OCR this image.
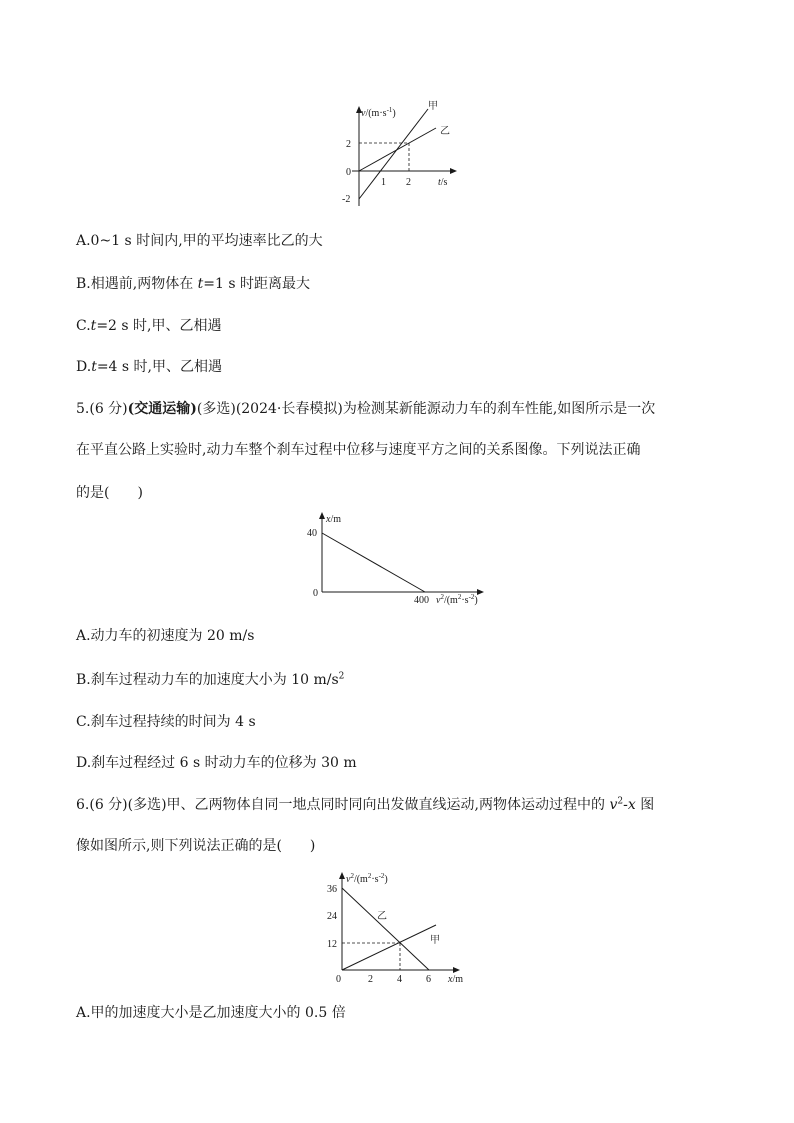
$v/(m\cdot s^{-1})$
甲
乙
2
0
-2
1 2	t/s
A.0~1 s 时间内,甲的平均速率比乙的大
B.相遇前,两物体在 t=1 s 时距离最大
C.t=2 s 时,甲、乙相遇
D.t=4 s 时,甲、乙相遇
5.(6 分)(交通运输)(多选)(2024·长春模拟)为检测某新能源动力车的刹车性能,如图所示是一次
在平直公路上实验时,动力车整个刹车过程中位移与速度平方之间的关系图像。下列说法正确
的是(　　)
x/m
40
0
400 $v^2/(m^2\cdot s^{-2})$
A.动力车的初速度为 20 m/s
B.刹车过程动力车的加速度大小为 10 $m/s^2$
C.刹车过程持续的时间为 4 s
D.刹车过程经过 6 s 时动力车的位移为 30 m
6.(6 分)(多选)甲、乙两物体自同一地点同时同向出发做直线运动,两物体运动过程中的 $v^2-x$ 图
像如图所示,则下列说法正确的是(　　)
$v^2/(m^2\cdot s^{-2})$
36
24
12
0	2 4 6 x/m
乙
甲
A.甲的加速度大小是乙加速度大小的 0.5 倍
